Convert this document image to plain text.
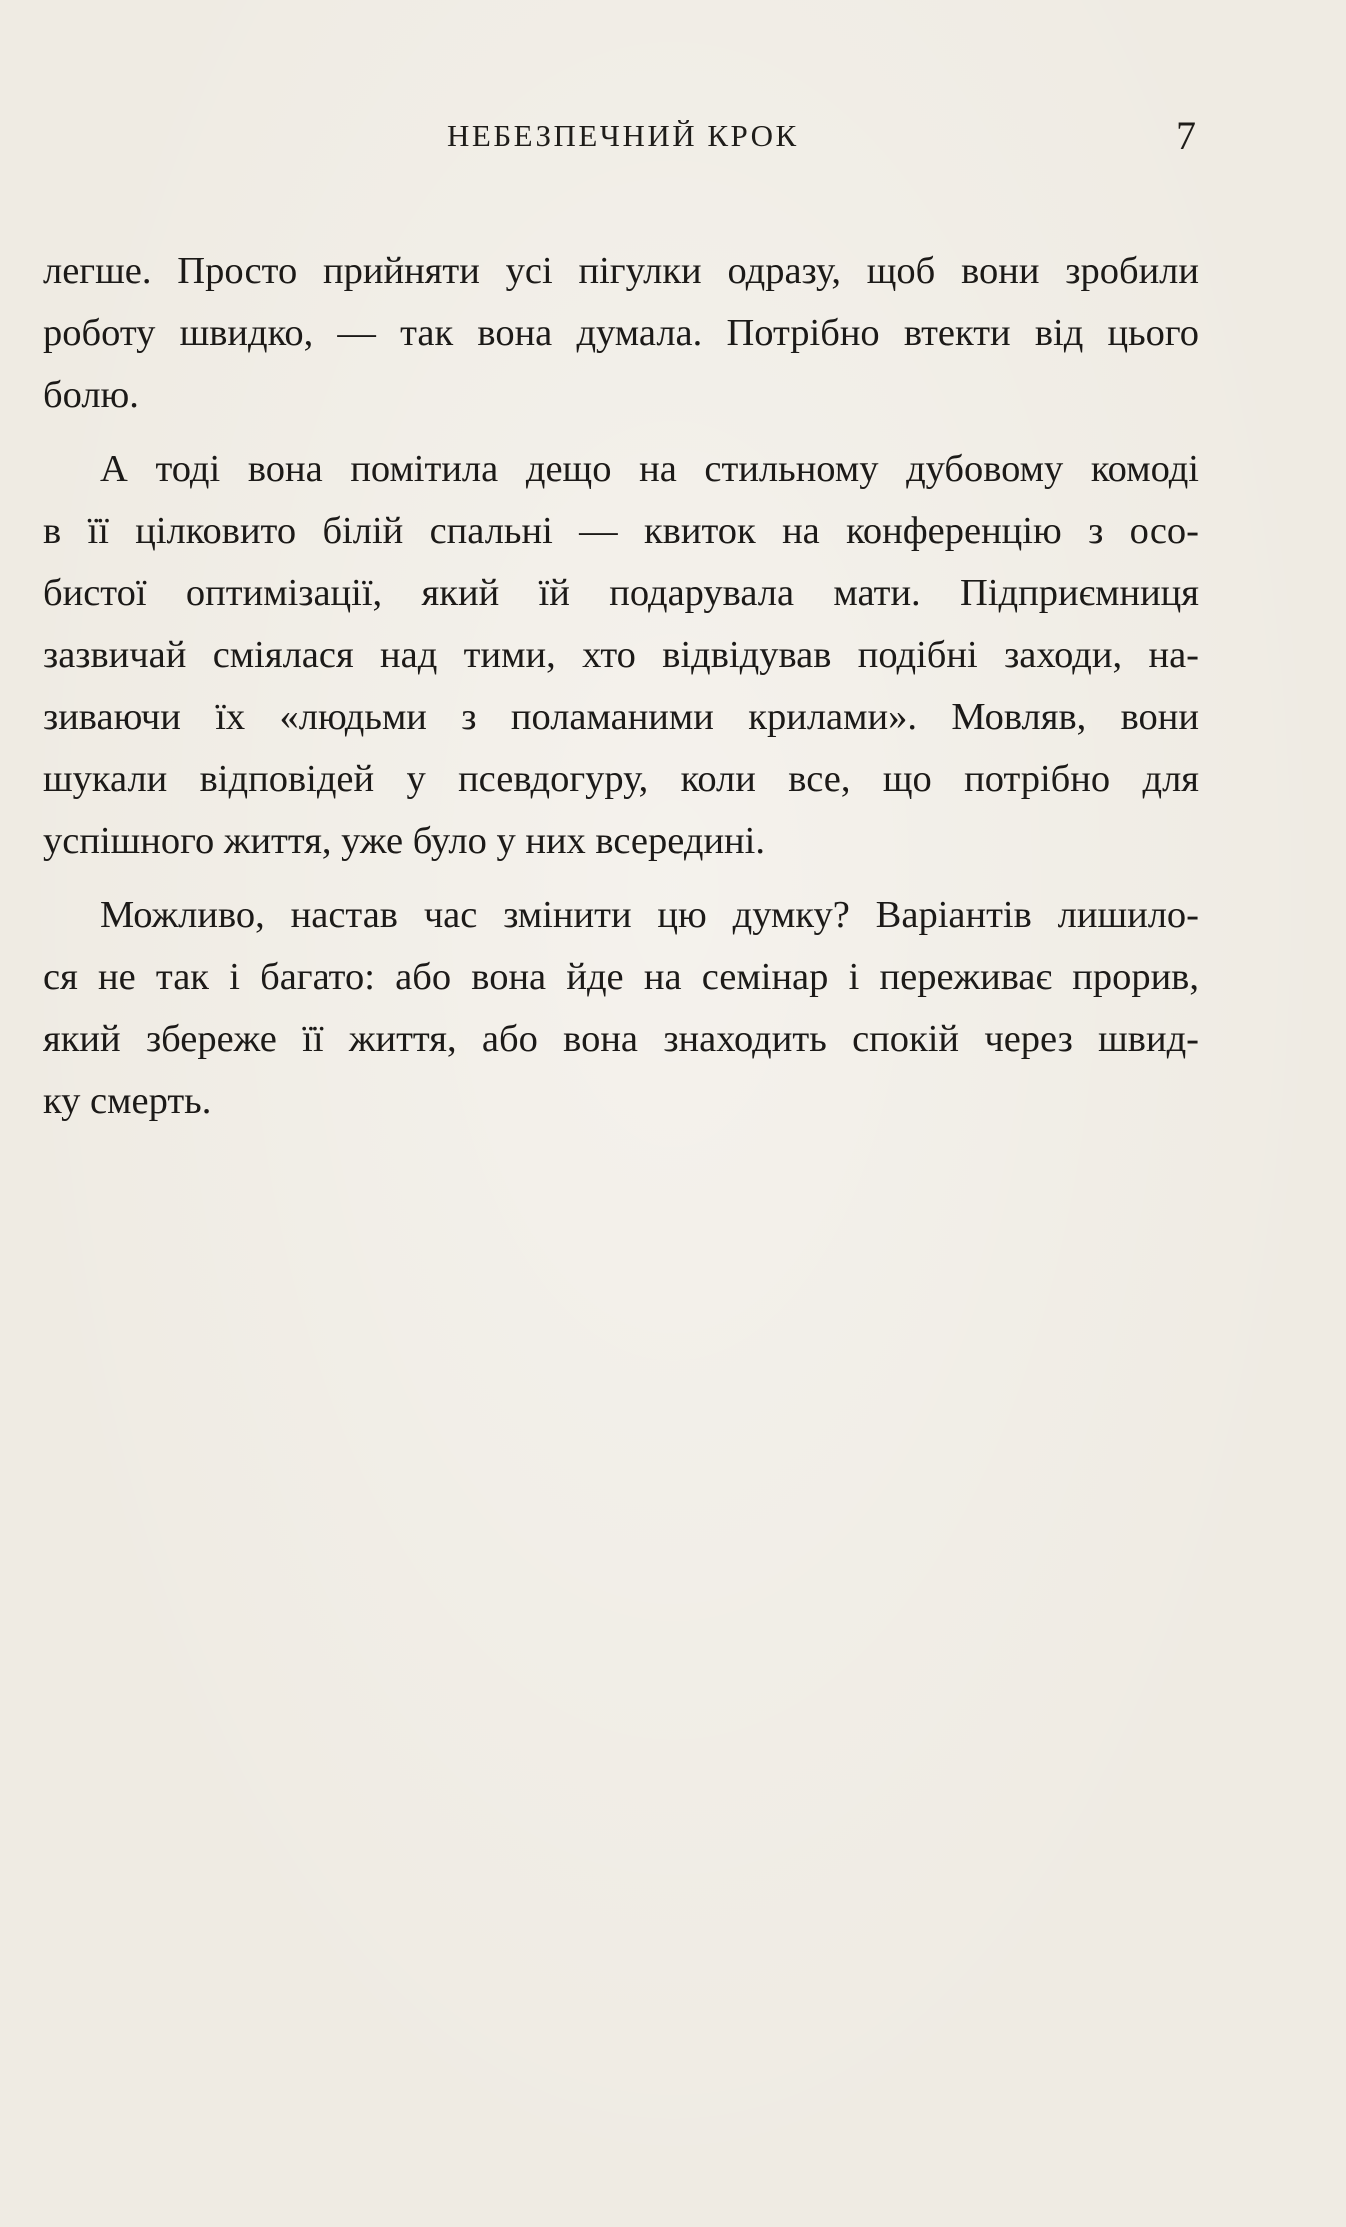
НЕБЕЗПЕЧНИЙ КРОК	7

легше. Просто прийняти усі пігулки одразу, щоб вони зробили
роботу швидко, — так вона думала. Потрібно втекти від цього
болю.

А тоді вона помітила дещо на стильному дубовому комоді
в її цілковито білій спальні — квиток на конференцію з осо-
бистої оптимізації, який їй подарувала мати. Підприємниця
зазвичай сміялася над тими, хто відвідував подібні заходи, на-
зиваючи їх «людьми з поламаними крилами». Мовляв, вони
шукали відповідей у псевдогуру, коли все, що потрібно для
успішного життя, уже було у них всередині.

Можливо, настав час змінити цю думку? Варіантів лишило-
ся не так і багато: або вона йде на семінар і переживає прорив,
який збереже її життя, або вона знаходить спокій через швид-
ку смерть.
